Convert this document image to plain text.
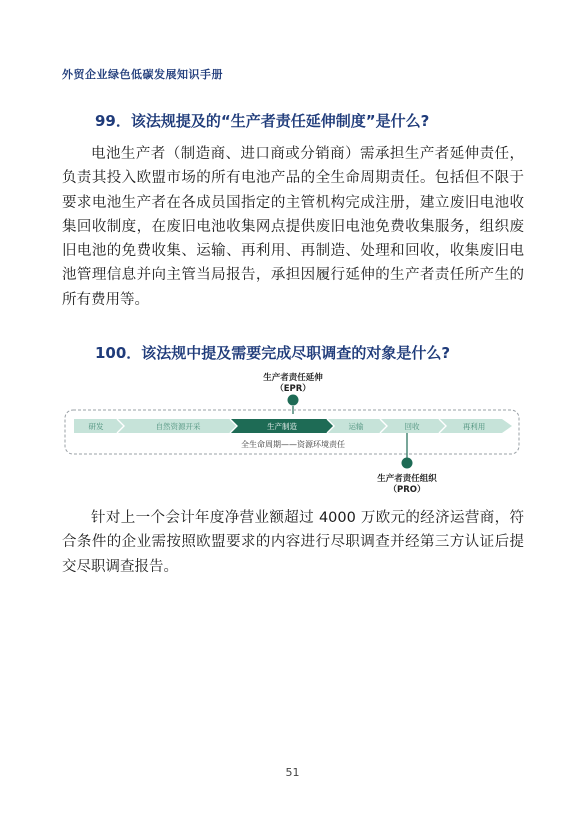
外贸企业绿色低碳发展知识手册
99．该法规提及的“生产者责任延伸制度”是什么?
电池生产者（制造商、进口商或分销商）需承担生产者延伸责任，负责其投入欧盟市场的所有电池产品的全生命周期责任。包括但不限于要求电池生产者在各成员国指定的主管机构完成注册，建立废旧电池收集回收制度，在废旧电池收集网点提供废旧电池免费收集服务，组织废旧电池的免费收集、运输、再利用、再制造、处理和回收，收集废旧电池管理信息并向主管当局报告，承担因履行延伸的生产者责任所产生的所有费用等。
100．该法规中提及需要完成尽职调查的对象是什么?
生产者责任延伸
（EPR）
研发	自然资源开采	生产制造	运输	回收	再利用
全生命周期——资源环境责任
生产者责任组织
（PRO）
针对上一个会计年度净营业额超过 4000 万欧元的经济运营商，符合条件的企业需按照欧盟要求的内容进行尽职调查并经第三方认证后提交尽职调查报告。
51
